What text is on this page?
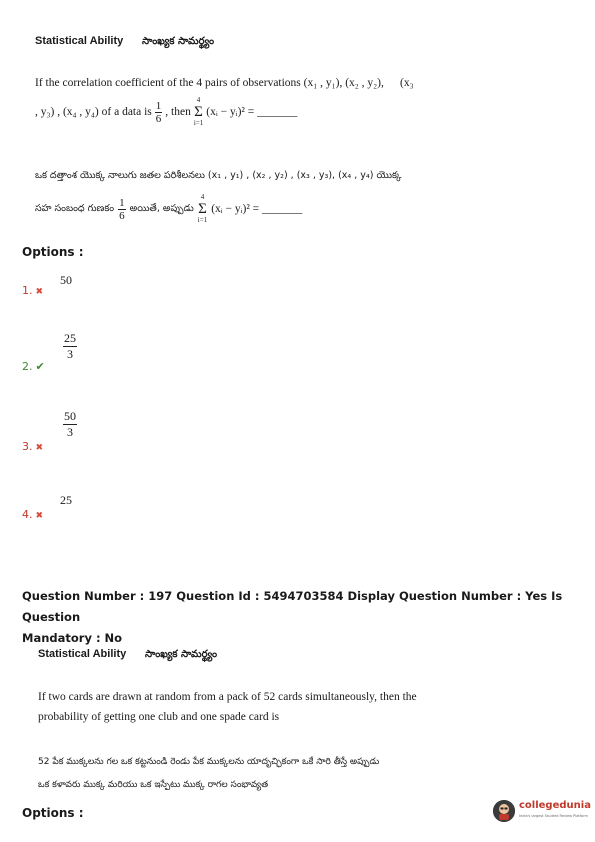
Statistical Ability సాంఖ్యక సామర్థ్యం
If the correlation coefficient of the 4 pairs of observations (x₁ , y₁), (x₂ , y₂), (x₃
, y₃) , (x₄ , y₄) of a data is $\frac{1}{6}$ , then
4
Σ
i=1
(xᵢ − yᵢ)² = _______
ఒక దత్తాంశ యొక్క నాలుగు జతల పరిశీలనలు (x₁ , y₁) , (x₂ , y₂) , (x₃ , y₃), (x₄ , y₄) యొక్క
సహ సంబంధ గుణకం $\frac{1}{6}$ అయితే, అప్పుడు
4
Σ
i=1
(xᵢ − yᵢ)² = _______
Options :
1. ✖
50
2. ✔
$\frac{25}{3}$
3. ✖
$\frac{50}{3}$
4. ✖
25
Question Number : 197 Question Id : 5494703584 Display Question Number : Yes Is Question
Mandatory : No
Statistical Ability సాంఖ్యక సామర్థ్యం
If two cards are drawn at random from a pack of 52 cards simultaneously, then the
probability of getting one club and one spade card is
52 పేక ముక్కలను గల ఒక కట్టనుండి రెండు పేక ముక్కలను యాదృచ్ఛికంగా ఒకే సారి తీస్తే అప్పుడు
ఒక కళావరు ముక్క మరియు ఒక ఇస్పేటు ముక్క రాగల సంభావ్యత
Options :
collegedunia
India's largest Student Review Platform
